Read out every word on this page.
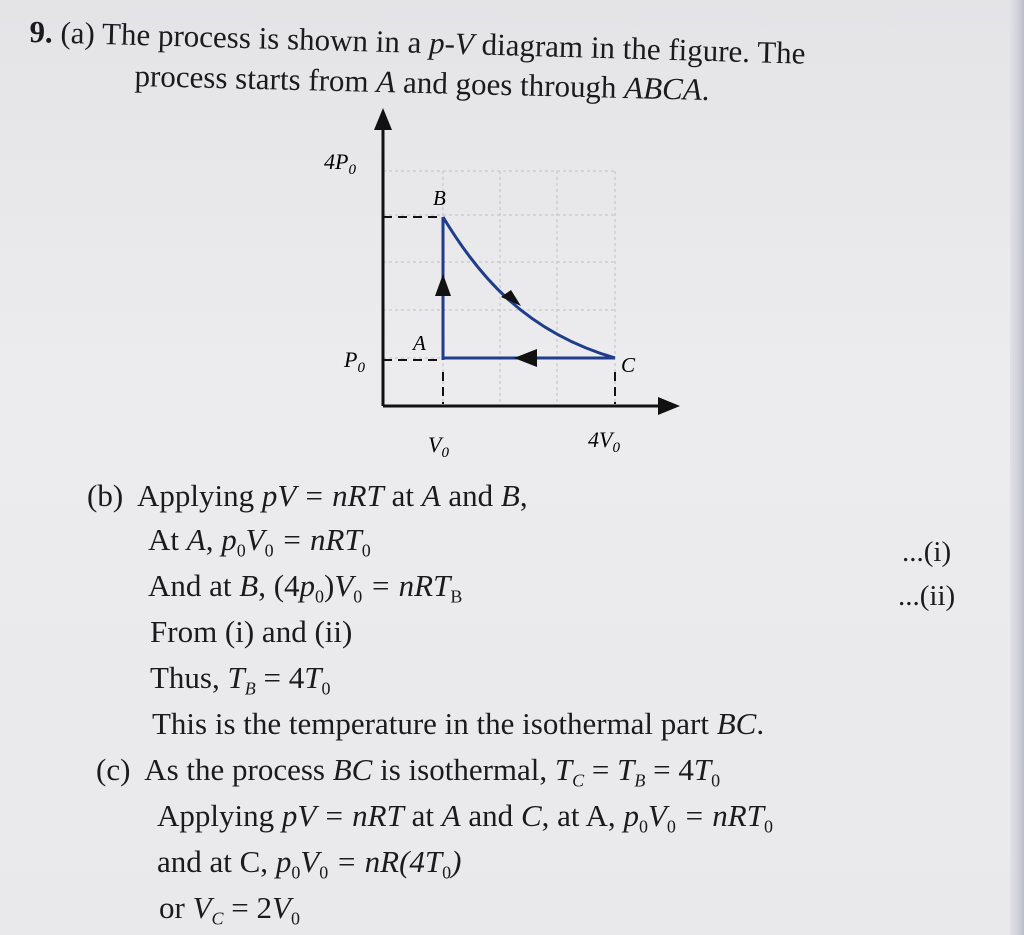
9. (a) The process is shown in a p-V diagram in the figure. The
process starts from A and goes through ABCA.
$4P_0$
$P_0$
B
A
C
$V_0$
$4V_0$
(b) Applying pV = nRT at A and B,
At A, $p_0V_0 = nRT_0$	...(i)
And at B, $(4p_0)V_0 = nRT_B$	...(ii)
From (i) and (ii)
Thus, $T_B = 4T_0$
This is the temperature in the isothermal part BC.
(c) As the process BC is isothermal, $T_C = T_B = 4T_0$
Applying pV = nRT at A and C, at A, $p_0V_0 = nRT_0$
and at C, $p_0V_0 = nR(4T_0)$
or $V_C = 2V_0$
